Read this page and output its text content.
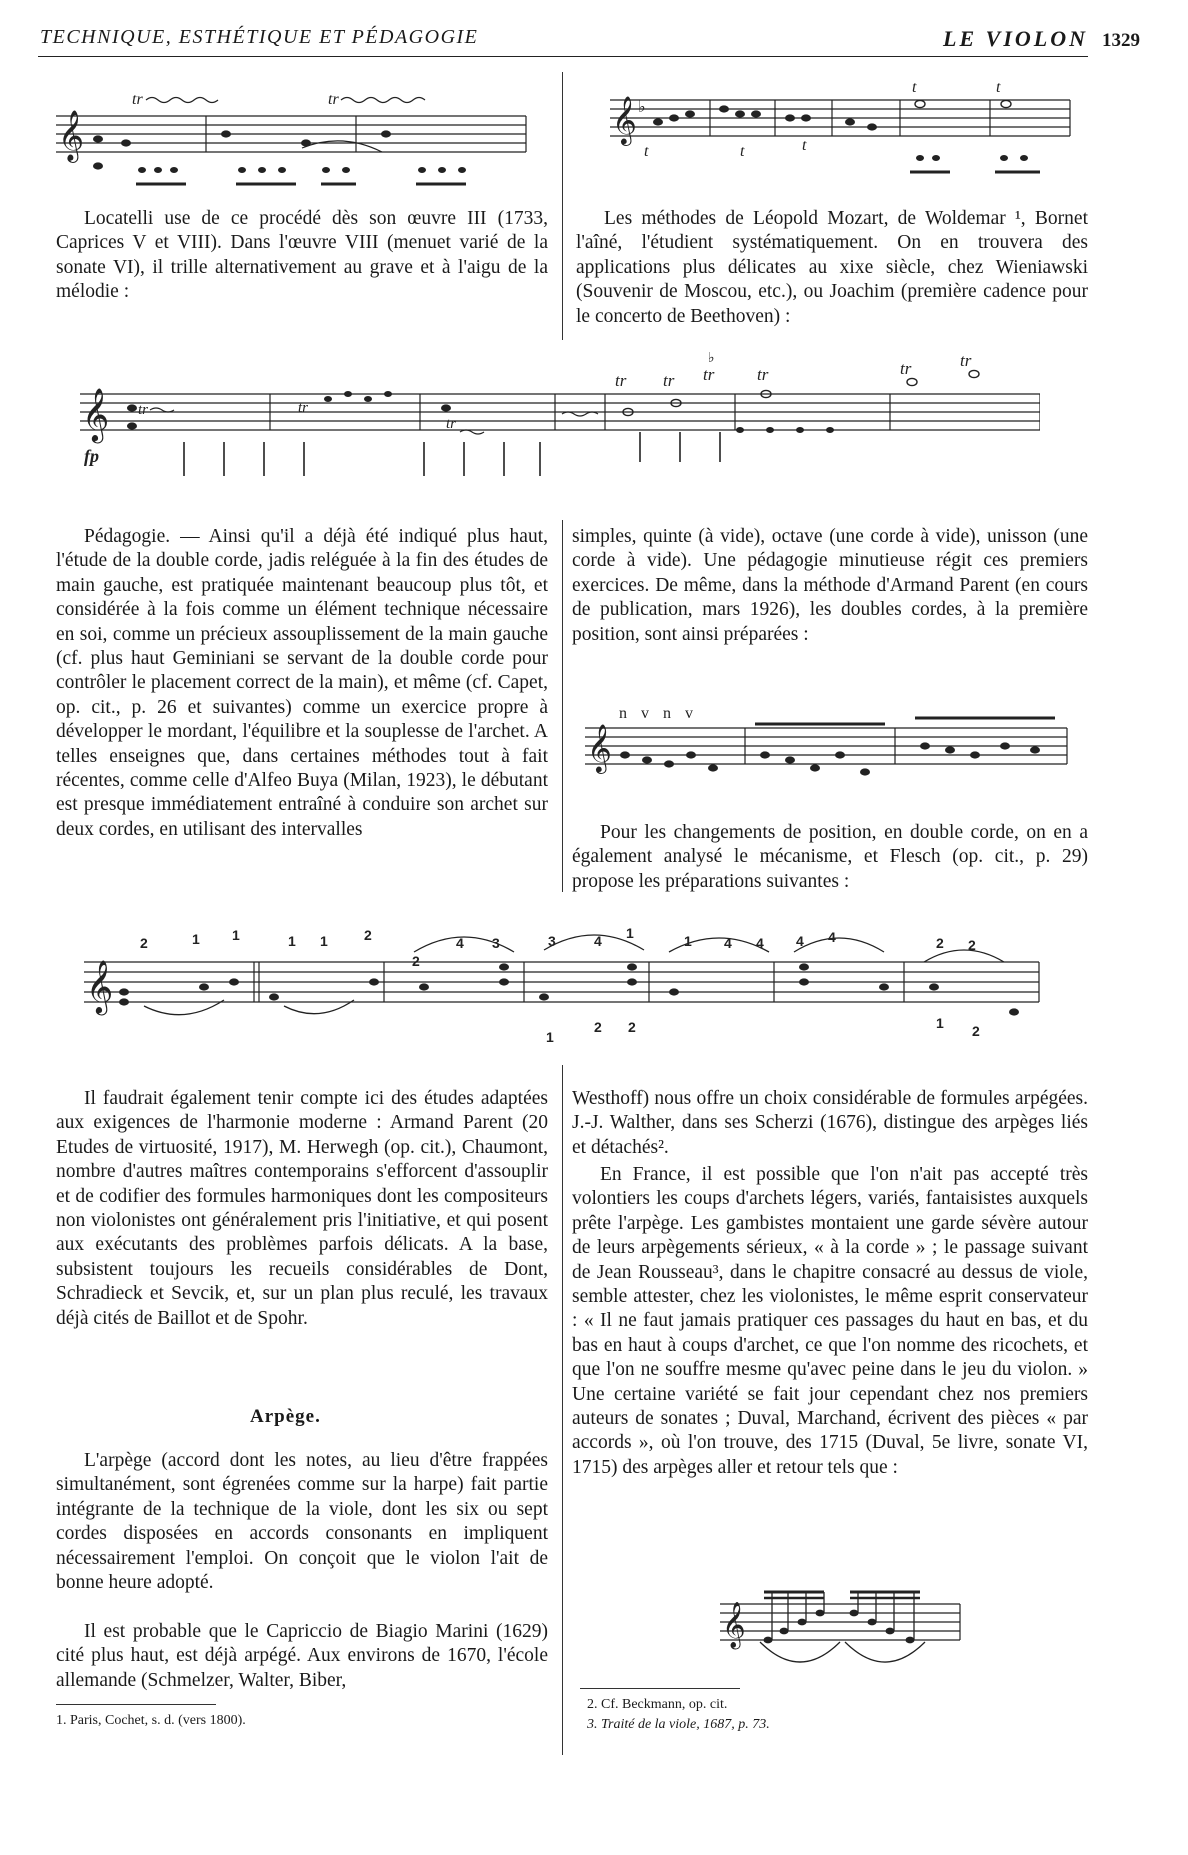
TECHNIQUE, ESTHÉTIQUE ET PÉDAGOGIE	LE VIOLON 1329
𝄞
tr	tr	𝄞 ♭
t	t	t
t	t

Locatelli use de ce procédé dès son œuvre III (1733, Caprices V et VIII). Dans l'œuvre VIII (menuet varié de la sonate VI), il trille alternativement au grave et à l'aigu de la mélodie :

Les méthodes de Léopold Mozart, de Woldemar ¹, Bornet l'aîné, l'étudient systématiquement. On en trouvera des applications plus délicates au xixe siècle, chez Wieniawski (Souvenir de Moscou, etc.), ou Joachim (première cadence pour le concerto de Beethoven) :

𝄞
fp
tr	tr
tr
tr tr tr
♭
tr	tr	tr

Pédagogie. — Ainsi qu'il a déjà été indiqué plus haut, l'étude de la double corde, jadis reléguée à la fin des études de main gauche, est pratiquée maintenant beaucoup plus tôt, et considérée à la fois comme un élément technique nécessaire en soi, comme un précieux assouplissement de la main gauche (cf. plus haut Geminiani se servant de la double corde pour contrôler le placement correct de la main), et même (cf. Capet, op. cit., p. 26 et suivantes) comme un exercice propre à développer le mordant, l'équilibre et la souplesse de l'archet. A telles enseignes que, dans certaines méthodes tout à fait récentes, comme celle d'Alfeo Buya (Milan, 1923), le débutant est presque immédiatement entraîné à conduire son archet sur deux cordes, en utilisant des intervalles

simples, quinte (à vide), octave (une corde à vide), unisson (une corde à vide). Une pédagogie minutieuse régit ces premiers exercices. De même, dans la méthode d'Armand Parent (en cours de publication, mars 1926), les doubles cordes, à la première position, sont ainsi préparées :

𝄞
n v n v

Pour les changements de position, en double corde, on en a également analysé le mécanisme, et Flesch (op. cit., p. 29) propose les préparations suivantes :

𝄞
2	1 1	1 1	2
2
4 3	3	4 1
1
2 2
1 4 4 4 4	2 2
1 2

Il faudrait également tenir compte ici des études adaptées aux exigences de l'harmonie moderne : Armand Parent (20 Etudes de virtuosité, 1917), M. Herwegh (op. cit.), Chaumont, nombre d'autres maîtres contemporains s'efforcent d'assouplir et de codifier des formules harmoniques dont les compositeurs non violonistes ont généralement pris l'initiative, et qui posent aux exécutants des problèmes parfois délicats. A la base, subsistent toujours les recueils considérables de Dont, Schradieck et Sevcik, et, sur un plan plus reculé, les travaux déjà cités de Baillot et de Spohr.

Arpège.

L'arpège (accord dont les notes, au lieu d'être frappées simultanément, sont égrenées comme sur la harpe) fait partie intégrante de la technique de la viole, dont les six ou sept cordes disposées en accords consonants en impliquent nécessairement l'emploi. On conçoit que le violon l'ait de bonne heure adopté.

Il est probable que le Capriccio de Biagio Marini (1629) cité plus haut, est déjà arpégé. Aux environs de 1670, l'école allemande (Schmelzer, Walter, Biber,

Westhoff) nous offre un choix considérable de formules arpégées. J.-J. Walther, dans ses Scherzi (1676), distingue des arpèges liés et détachés².

En France, il est possible que l'on n'ait pas accepté très volontiers les coups d'archets légers, variés, fantaisistes auxquels prête l'arpège. Les gambistes montaient une garde sévère autour de leurs arpègements sérieux, « à la corde » ; le passage suivant de Jean Rousseau³, dans le chapitre consacré au dessus de viole, semble attester, chez les violonistes, le même esprit conservateur : « Il ne faut jamais pratiquer ces passages du haut en bas, et du bas en haut à coups d'archet, ce que l'on nomme des ricochets, et que l'on ne souffre mesme qu'avec peine dans le jeu du violon. » Une certaine variété se fait jour cependant chez nos premiers auteurs de sonates ; Duval, Marchand, écrivent des pièces « par accords », où l'on trouve, des 1715 (Duval, 5e livre, sonate VI, 1715) des arpèges aller et retour tels que :

𝄞
1. Paris, Cochet, s. d. (vers 1800).
2. Cf. Beckmann, op. cit.
3. Traité de la viole, 1687, p. 73.
